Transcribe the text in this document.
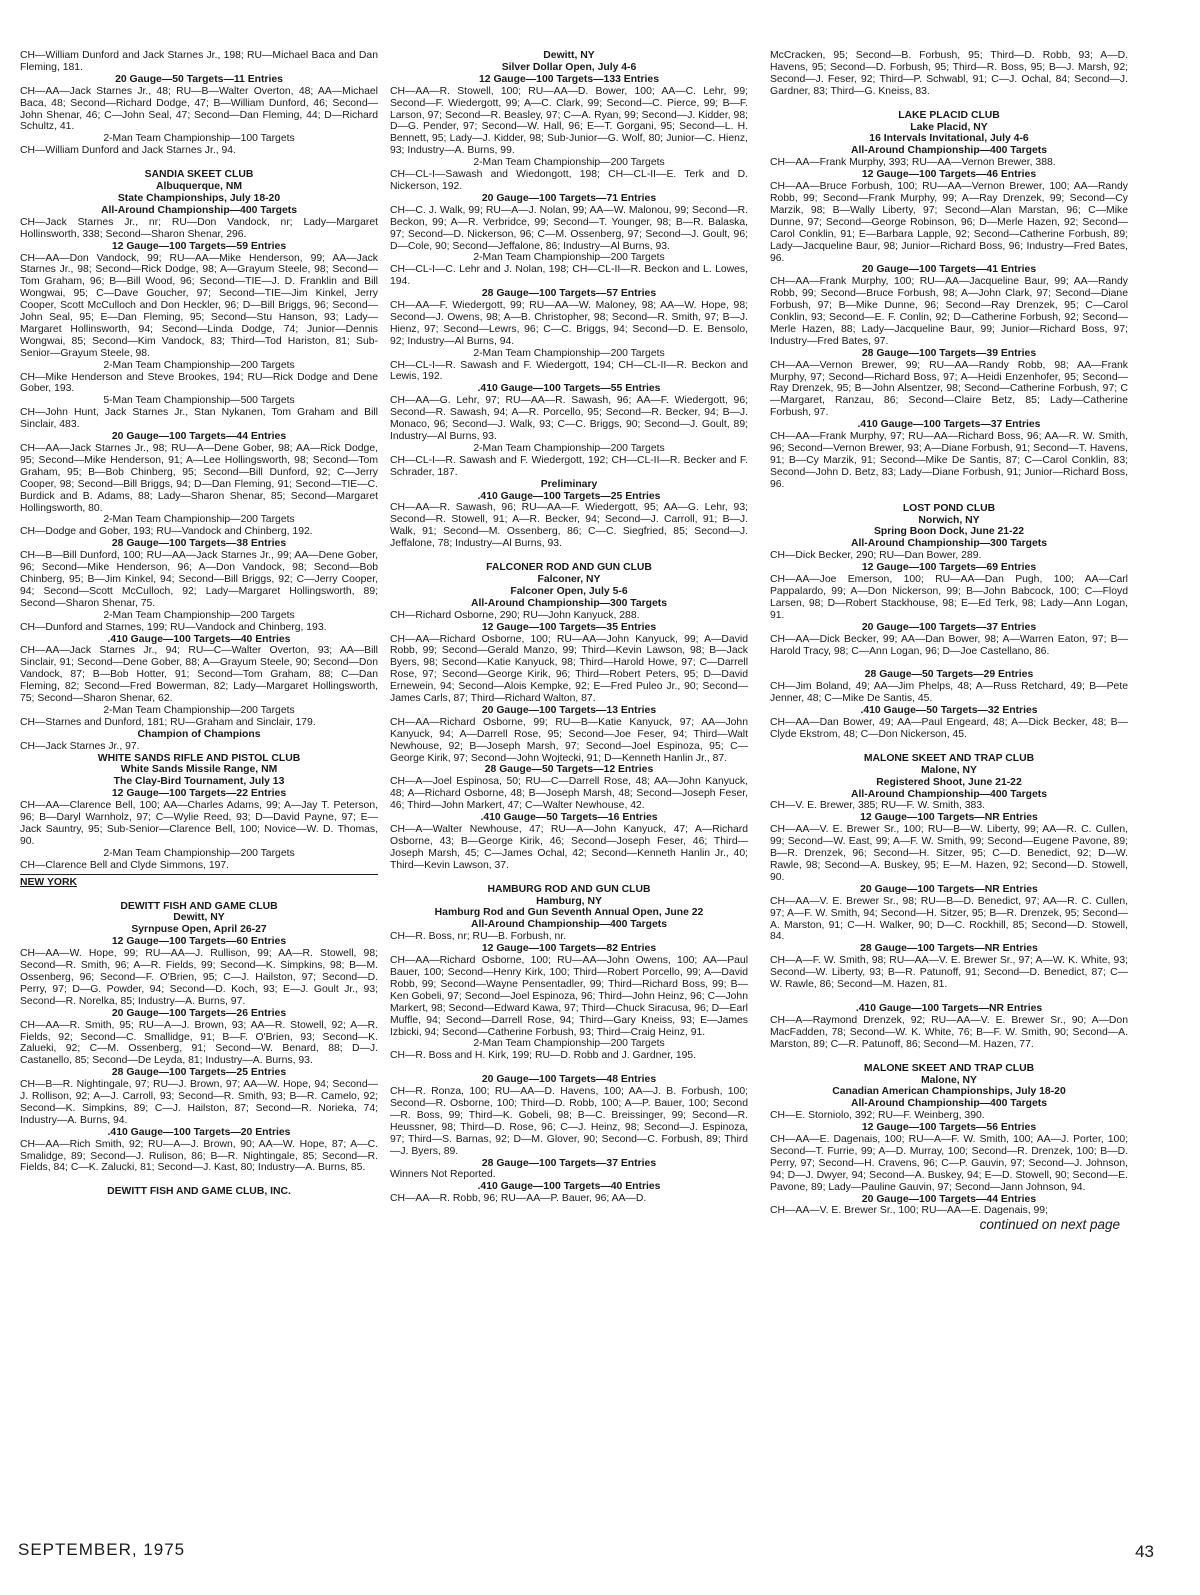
CH—William Dunford and Jack Starnes Jr., 198; RU—Michael Baca and Dan Fleming, 181.
20 Gauge—50 Targets—11 Entries
CH—AA—Jack Starnes Jr., 48; RU—B—Walter Overton, 48; AA—Michael Baca, 48; Second—Richard Dodge, 47; B—William Dunford, 46; Second—John Shenar, 46; C—John Seal, 47; Second—Dan Fleming, 44; D—Richard Schultz, 41.
2-Man Team Championship—100 Targets
CH—William Dunford and Jack Starnes Jr., 94.
SANDIA SKEET CLUB
Albuquerque, NM
State Championships, July 18-20
All-Around Championship—400 Targets
CH—Jack Starnes Jr., nr; RU—Don Vandock, nr; Lady—Margaret Hollinsworth, 338; Second—Sharon Shenar, 296.
12 Gauge—100 Targets—59 Entries
CH—AA—Don Vandock, 99; RU—AA—Mike Henderson, 99; AA—Jack Starnes Jr., 98; Second—Rick Dodge, 98; A—Grayum Steele, 98; Second—Tom Graham, 96; B—Bill Wood, 96; Second—TIE—J. D. Franklin and Bill Wongwai, 95; C—Dave Goucher, 97; Second—TIE—Jim Kinkel, Jerry Cooper, Scott McCulloch and Don Heckler, 96; D—Bill Briggs, 96; Second—John Seal, 95; E—Dan Fleming, 95; Second—Stu Hanson, 93; Lady—Margaret Hollinsworth, 94; Second—Linda Dodge, 74; Junior—Dennis Wongwai, 85; Second—Kim Vandock, 83; Third—Tod Hariston, 81; Sub-Senior—Grayum Steele, 98.
2-Man Team Championship—200 Targets
CH—Mike Henderson and Steve Brookes, 194; RU—Rick Dodge and Dene Gober, 193.
5-Man Team Championship—500 Targets
CH—John Hunt, Jack Starnes Jr., Stan Nykanen, Tom Graham and Bill Sinclair, 483.
20 Gauge—100 Targets—44 Entries
CH—AA—Jack Starnes Jr., 98; RU—A—Dene Gober, 98; AA—Rick Dodge, 95; Second—Mike Henderson, 91; A—Lee Hollingsworth, 98; Second—Tom Graham, 95; B—Bob Chinberg, 95; Second—Bill Dunford, 92; C—Jerry Cooper, 98; Second—Bill Briggs, 94; D—Dan Fleming, 91; Second—TIE—C. Burdick and B. Adams, 88; Lady—Sharon Shenar, 85; Second—Margaret Hollingsworth, 80.
2-Man Team Championship—200 Targets
CH—Dodge and Gober, 193; RU—Vandock and Chinberg, 192.
28 Gauge—100 Targets—38 Entries
CH—B—Bill Dunford, 100; RU—AA—Jack Starnes Jr., 99; AA—Dene Gober, 96; Second—Mike Henderson, 96; A—Don Vandock, 98; Second—Bob Chinberg, 95; B—Jim Kinkel, 94; Second—Bill Briggs, 92; C—Jerry Cooper, 94; Second—Scott McCulloch, 92; Lady—Margaret Hollingsworth, 89; Second—Sharon Shenar, 75.
2-Man Team Championship—200 Targets
CH—Dunford and Starnes, 199; RU—Vandock and Chinberg, 193.
.410 Gauge—100 Targets—40 Entries
CH—AA—Jack Starnes Jr., 94; RU—C—Walter Overton, 93; AA—Bill Sinclair, 91; Second—Dene Gober, 88; A—Grayum Steele, 90; Second—Don Vandock, 87; B—Bob Hotter, 91; Second—Tom Graham, 88; C—Dan Fleming, 82; Second—Fred Bowerman, 82; Lady—Margaret Hollingsworth, 75; Second—Sharon Shenar, 62.
2-Man Team Championship—200 Targets
CH—Starnes and Dunford, 181; RU—Graham and Sinclair, 179.
Champion of Champions
CH—Jack Starnes Jr., 97.
WHITE SANDS RIFLE AND PISTOL CLUB
White Sands Missile Range, NM
The Clay-Bird Tournament, July 13
12 Gauge—100 Targets—22 Entries
CH—AA—Clarence Bell, 100; AA—Charles Adams, 99; A—Jay T. Peterson, 96; B—Daryl Warnholz, 97; C—Wylie Reed, 93; D—David Payne, 97; E—Jack Sauntry, 95; Sub-Senior—Clarence Bell, 100; Novice—W. D. Thomas, 90.
2-Man Team Championship—200 Targets
CH—Clarence Bell and Clyde Simmons, 197.
NEW YORK
DEWITT FISH AND GAME CLUB
Dewitt, NY
Syrnpuse Open, April 26-27
12 Gauge—100 Targets—60 Entries
CH—AA—W. Hope, 99; RU—AA—J. Rullison, 99; AA—R. Stowell, 98; Second—R. Smith, 96; A—R. Fields, 99; Second—K. Simpkins, 98; B—M. Ossenberg, 96; Second—F. O'Brien, 95; C—J. Hailston, 97; Second—D. Perry, 97; D—G. Powder, 94; Second—D. Koch, 93; E—J. Goult Jr., 93; Second—R. Norelka, 85; Industry—A. Burns, 97.
20 Gauge—100 Targets—26 Entries
CH—AA—R. Smith, 95; RU—A—J. Brown, 93; AA—R. Stowell, 92; A—R. Fields, 92; Second—C. Smallidge, 91; B—F. O'Brien, 93; Second—K. Zalueki, 92; C—M. Ossenberg, 91; Second—W. Benard, 88; D—J. Castanello, 85; Second—De Leyda, 81; Industry—A. Burns, 93.
28 Gauge—100 Targets—25 Entries
CH—B—R. Nightingale, 97; RU—J. Brown, 97; AA—W. Hope, 94; Second—J. Rollison, 92; A—J. Carroll, 93; Second—R. Smith, 93; B—R. Camelo, 92; Second—K. Simpkins, 89; C—J. Hailston, 87; Second—R. Norieka, 74; Industry—A. Burns, 94.
.410 Gauge—100 Targets—20 Entries
CH—AA—Rich Smith, 92; RU—A—J. Brown, 90; AA—W. Hope, 87; A—C. Smalidge, 89; Second—J. Rulison, 86; B—R. Nightingale, 85; Second—R. Fields, 84; C—K. Zalucki, 81; Second—J. Kast, 80; Industry—A. Burns, 85.
DEWITT FISH AND GAME CLUB, INC.
Dewitt, NY
Silver Dollar Open, July 4-6
12 Gauge—100 Targets—133 Entries
CH—AA—R. Stowell, 100; RU—AA—D. Bower, 100; AA—C. Lehr, 99; Second—F. Wiedergott, 99; A—C. Clark, 99; Second—C. Pierce, 99; B—F. Larson, 97; Second—R. Beasley, 97; C—A. Ryan, 99; Second—J. Kidder, 98; D—G. Pender, 97; Second—W. Hall, 96; E—T. Gorgani, 95; Second—L. H. Bennett, 95; Lady—J. Kidder, 98; Sub-Junior—G. Wolf, 80; Junior—C. Hienz, 93; Industry—A. Burns, 99.
2-Man Team Championship—200 Targets
CH—CL-I—Sawash and Wiedongott, 198; CH—CL-II—E. Terk and D. Nickerson, 192.
20 Gauge—100 Targets—71 Entries
CH—C. J. Walk, 99; RU—A—J. Nolan, 99; AA—W. Malonou, 99; Second—R. Beckon, 99; A—R. Verbridce, 99; Second—T. Younger, 98; B—R. Balaska, 97; Second—D. Nickerson, 96; C—M. Ossenberg, 97; Second—J. Goult, 96; D—Cole, 90; Second—Jeffalone, 86; Industry—Al Burns, 93.
2-Man Team Championship—200 Targets
CH—CL-I—C. Lehr and J. Nolan, 198; CH—CL-II—R. Beckon and L. Lowes, 194.
28 Gauge—100 Targets—57 Entries
CH—AA—F. Wiedergott, 99; RU—AA—W. Maloney, 98; AA—W. Hope, 98; Second—J. Owens, 98; A—B. Christopher, 98; Second—R. Smith, 97; B—J. Hienz, 97; Second—Lewrs, 96; C—C. Briggs, 94; Second—D. E. Bensolo, 92; Industry—Al Burns, 94.
2-Man Team Championship—200 Targets
CH—CL-I—R. Sawash and F. Wiedergott, 194; CH—CL-II—R. Beckon and Lewis, 192.
.410 Gauge—100 Targets—55 Entries
CH—AA—G. Lehr, 97; RU—AA—R. Sawash, 96; AA—F. Wiedergott, 96; Second—R. Sawash, 94; A—R. Porcello, 95; Second—R. Becker, 94; B—J. Monaco, 96; Second—J. Walk, 93; C—C. Briggs, 90; Second—J. Goult, 89; Industry—Al Burns, 93.
2-Man Team Championship—200 Targets
CH—CL-I—R. Sawash and F. Wiedergott, 192; CH—CL-II—R. Becker and F. Schrader, 187.
Preliminary
.410 Gauge—100 Targets—25 Entries
CH—AA—R. Sawash, 96; RU—AA—F. Wiedergott, 95; AA—G. Lehr, 93; Second—R. Stowell, 91; A—R. Becker, 94; Second—J. Carroll, 91; B—J. Walk, 91; Second—M. Ossenberg, 86; C—C. Siegfried, 85; Second—J. Jeffalone, 78; Industry—Al Burns, 93.
FALCONER ROD AND GUN CLUB
Falconer, NY
Falconer Open, July 5-6
All-Around Championship—300 Targets
CH—Richard Osborne, 290; RU—John Kanyuck, 288.
12 Gauge—100 Targets—35 Entries
CH—AA—Richard Osborne, 100; RU—AA—John Kanyuck, 99; A—David Robb, 99; Second—Gerald Manzo, 99; Third—Kevin Lawson, 98; B—Jack Byers, 98; Second—Katie Kanyuck, 98; Third—Harold Howe, 97; C—Darrell Rose, 97; Second—George Kirik, 96; Third—Robert Peters, 95; D—David Ernewein, 94; Second—Alois Kempke, 92; E—Fred Puleo Jr., 90; Second—James Carls, 87; Third—Richard Walton, 87.
20 Gauge—100 Targets—13 Entries
CH—AA—Richard Osborne, 99; RU—B—Katie Kanyuck, 97; AA—John Kanyuck, 94; A—Darrell Rose, 95; Second—Joe Feser, 94; Third—Walt Newhouse, 92; B—Joseph Marsh, 97; Second—Joel Espinoza, 95; C—George Kirik, 97; Second—John Wojtecki, 91; D—Kenneth Hanlin Jr., 87.
28 Gauge—50 Targets—12 Entries
CH—A—Joel Espinosa, 50; RU—C—Darrell Rose, 48; AA—John Kanyuck, 48; A—Richard Osborne, 48; B—Joseph Marsh, 48; Second—Joseph Feser, 46; Third—John Markert, 47; C—Walter Newhouse, 42.
.410 Gauge—50 Targets—16 Entries
CH—A—Walter Newhouse, 47; RU—A—John Kanyuck, 47; A—Richard Osborne, 43; B—George Kirik, 46; Second—Joseph Feser, 46; Third—Joseph Marsh, 45; C—James Ochal, 42; Second—Kenneth Hanlin Jr., 40; Third—Kevin Lawson, 37.
HAMBURG ROD AND GUN CLUB
Hamburg, NY
Hamburg Rod and Gun Seventh Annual Open, June 22
All-Around Championship—400 Targets
CH—R. Boss, nr; RU—B. Forbush, nr.
12 Gauge—100 Targets—82 Entries
CH—AA—Richard Osborne, 100; RU—AA—John Owens, 100; AA—Paul Bauer, 100; Second—Henry Kirk, 100; Third—Robert Porcello, 99; A—David Robb, 99; Second—Wayne Pensentadler, 99; Third—Richard Boss, 99; B—Ken Gobeli, 97; Second—Joel Espinoza, 96; Third—John Heinz, 96; C—John Markert, 98; Second—Edward Kawa, 97; Third—Chuck Siracusa, 96; D—Earl Muffle, 94; Second—Darrell Rose, 94; Third—Gary Kneiss, 93; E—James Izbicki, 94; Second—Catherine Forbush, 93; Third—Craig Heinz, 91.
2-Man Team Championship—200 Targets
CH—R. Boss and H. Kirk, 199; RU—D. Robb and J. Gardner, 195.
20 Gauge—100 Targets—48 Entries
CH—R. Ronza, 100; RU—AA—D. Havens, 100; AA—J. B. Forbush, 100; Second—R. Osborne, 100; Third—D. Robb, 100; A—P. Bauer, 100; Second—R. Boss, 99; Third—K. Gobeli, 98; B—C. Breissinger, 99; Second—R. Heussner, 98; Third—D. Rose, 96; C—J. Heinz, 98; Second—J. Espinoza, 97; Third—S. Barnas, 92; D—M. Glover, 90; Second—C. Forbush, 89; Third—J. Byers, 89.
28 Gauge—100 Targets—37 Entries
Winners Not Reported.
.410 Gauge—100 Targets—40 Entries
CH—AA—R. Robb, 96; RU—AA—P. Bauer, 96; AA—D.
McCracken, 95; Second—B. Forbush, 95; Third—D. Robb, 93; A—D. Havens, 95; Second—D. Forbush, 95; Third—R. Boss, 95; B—J. Marsh, 92; Second—J. Feser, 92; Third—P. Schwabl, 91; C—J. Ochal, 84; Second—J. Gardner, 83; Third—G. Kneiss, 83.
LAKE PLACID CLUB
Lake Placid, NY
16 Intervals Invitational, July 4-6
All-Around Championship—400 Targets
CH—AA—Frank Murphy, 393; RU—AA—Vernon Brewer, 388.
12 Gauge—100 Targets—46 Entries
CH—AA—Bruce Forbush, 100; RU—AA—Vernon Brewer, 100; AA—Randy Robb, 99; Second—Frank Murphy, 99; A—Ray Drenzek, 99; Second—Cy Marzik, 98; B—Wally Liberty, 97; Second—Alan Marstan, 96; C—Mike Dunne, 97; Second—George Robinson, 96; D—Merle Hazen, 92; Second—Carol Conklin, 91; E—Barbara Lapple, 92; Second—Catherine Forbush, 89; Lady—Jacqueline Baur, 98; Junior—Richard Boss, 96; Industry—Fred Bates, 96.
20 Gauge—100 Targets—41 Entries
CH—AA—Frank Murphy, 100; RU—AA—Jacqueline Baur, 99; AA—Randy Robb, 99; Second—Bruce Forbush, 98; A—John Clark, 97; Second—Diane Forbush, 97; B—Mike Dunne, 96; Second—Ray Drenzek, 95; C—Carol Conklin, 93; Second—E. F. Conlin, 92; D—Catherine Forbush, 92; Second—Merle Hazen, 88; Lady—Jacqueline Baur, 99; Junior—Richard Boss, 97; Industry—Fred Bates, 97.
28 Gauge—100 Targets—39 Entries
CH—AA—Vernon Brewer, 99; RU—AA—Randy Robb, 98; AA—Frank Murphy, 97; Second—Richard Boss, 97; A—Heidi Enzenhofer, 95; Second—Ray Drenzek, 95; B—John Alsentzer, 98; Second—Catherine Forbush, 97; C—Margaret, Ranzau, 86; Second—Claire Betz, 85; Lady—Catherine Forbush, 97.
.410 Gauge—100 Targets—37 Entries
CH—AA—Frank Murphy, 97; RU—AA—Richard Boss, 96; AA—R. W. Smith, 96; Second—Vernon Brewer, 93; A—Diane Forbush, 91; Second—T. Havens, 91; B—Cy Marzik, 91; Second—Mike De Santis, 87; C—Carol Conklin, 83; Second—John D. Betz, 83; Lady—Diane Forbush, 91; Junior—Richard Boss, 96.
LOST POND CLUB
Norwich, NY
Spring Boon Dock, June 21-22
All-Around Championship—300 Targets
CH—Dick Becker, 290; RU—Dan Bower, 289.
12 Gauge—100 Targets—69 Entries
CH—AA—Joe Emerson, 100; RU—AA—Dan Pugh, 100; AA—Carl Pappalardo, 99; A—Don Nickerson, 99; B—John Babcock, 100; C—Floyd Larsen, 98; D—Robert Stackhouse, 98; E—Ed Terk, 98; Lady—Ann Logan, 91.
20 Gauge—100 Targets—37 Entries
CH—AA—Dick Becker, 99; AA—Dan Bower, 98; A—Warren Eaton, 97; B—Harold Tracy, 98; C—Ann Logan, 96; D—Joe Castellano, 86.
28 Gauge—50 Targets—29 Entries
CH—Jim Boland, 49; AA—Jim Phelps, 48; A—Russ Retchard, 49; B—Pete Jenner, 48; C—Mike De Santis, 45.
.410 Gauge—50 Targets—32 Entries
CH—AA—Dan Bower, 49; AA—Paul Engeard, 48; A—Dick Becker, 48; B—Clyde Ekstrom, 48; C—Don Nickerson, 45.
MALONE SKEET AND TRAP CLUB
Malone, NY
Registered Shoot, June 21-22
All-Around Championship—400 Targets
CH—V. E. Brewer, 385; RU—F. W. Smith, 383.
12 Gauge—100 Targets—NR Entries
CH—AA—V. E. Brewer Sr., 100; RU—B—W. Liberty, 99; AA—R. C. Cullen, 99; Second—W. East, 99; A—F. W. Smith, 99; Second—Eugene Pavone, 89; B—R. Drenzek, 96; Second—H. Sitzer, 95; C—D. Benedict, 92; D—W. Rawle, 98; Second—A. Buskey, 95; E—M. Hazen, 92; Second—D. Stowell, 90.
20 Gauge—100 Targets—NR Entries
CH—AA—V. E. Brewer Sr., 98; RU—B—D. Benedict, 97; AA—R. C. Cullen, 97; A—F. W. Smith, 94; Second—H. Sitzer, 95; B—R. Drenzek, 95; Second—A. Marston, 91; C—H. Walker, 90; D—C. Rockhill, 85; Second—D. Stowell, 84.
28 Gauge—100 Targets—NR Entries
CH—A—F. W. Smith, 98; RU—AA—V. E. Brewer Sr., 97; A—W. K. White, 93; Second—W. Liberty, 93; B—R. Patunoff, 91; Second—D. Benedict, 87; C—W. Rawle, 86; Second—M. Hazen, 81.
.410 Gauge—100 Targets—NR Entries
CH—A—Raymond Drenzek, 92; RU—AA—V. E. Brewer Sr., 90; A—Don MacFadden, 78; Second—W. K. White, 76; B—F. W. Smith, 90; Second—A. Marston, 89; C—R. Patunoff, 86; Second—M. Hazen, 77.
MALONE SKEET AND TRAP CLUB
Malone, NY
Canadian American Championships, July 18-20
All-Around Championship—400 Targets
CH—E. Storniolo, 392; RU—F. Weinberg, 390.
12 Gauge—100 Targets—56 Entries
CH—AA—E. Dagenais, 100; RU—A—F. W. Smith, 100; AA—J. Porter, 100; Second—T. Furrie, 99; A—D. Murray, 100; Second—R. Drenzek, 100; B—D. Perry, 97; Second—H. Cravens, 96; C—P. Gauvin, 97; Second—J. Johnson, 94; D—J. Dwyer, 94; Second—A. Buskey, 94; E—D. Stowell, 90; Second—E. Pavone, 89; Lady—Pauline Gauvin, 97; Second—Jann Johnson, 94.
20 Gauge—100 Targets—44 Entries
CH—AA—V. E. Brewer Sr., 100; RU—AA—E. Dagenais, 99;
continued on next page
SEPTEMBER, 1975	43
